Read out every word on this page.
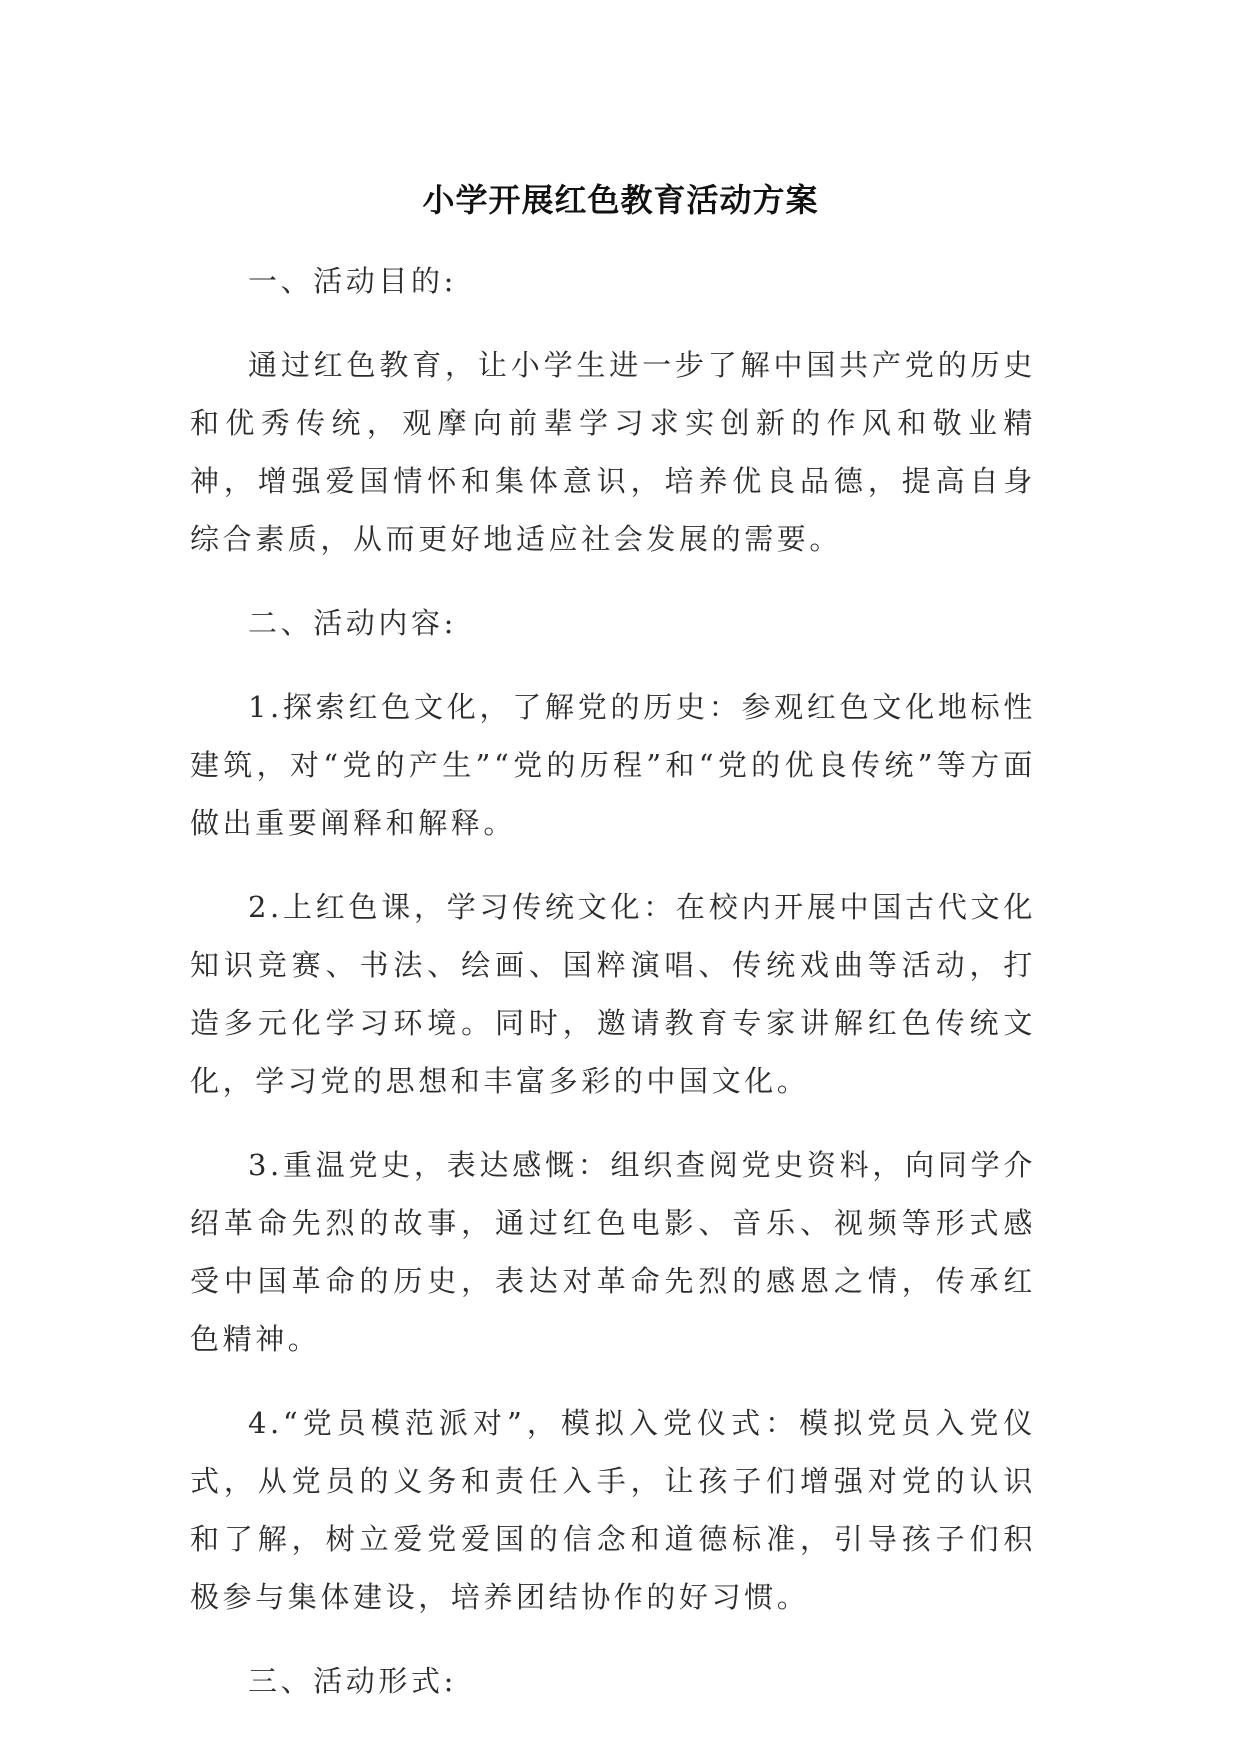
小学开展红色教育活动方案

一、活动目的:

通过红色教育，让小学生进一步了解中国共产党的历史和优秀传统，观摩向前辈学习求实创新的作风和敬业精神，增强爱国情怀和集体意识，培养优良品德，提高自身综合素质，从而更好地适应社会发展的需要。

二、活动内容:

1.探索红色文化，了解党的历史：参观红色文化地标性建筑，对“党的产生”“党的历程”和“党的优良传统”等方面做出重要阐释和解释。

2.上红色课，学习传统文化：在校内开展中国古代文化知识竞赛、书法、绘画、国粹演唱、传统戏曲等活动，打造多元化学习环境。同时，邀请教育专家讲解红色传统文化，学习党的思想和丰富多彩的中国文化。

3.重温党史，表达感慨：组织查阅党史资料，向同学介绍革命先烈的故事，通过红色电影、音乐、视频等形式感受中国革命的历史，表达对革命先烈的感恩之情，传承红色精神。

4.“党员模范派对”，模拟入党仪式：模拟党员入党仪式，从党员的义务和责任入手，让孩子们增强对党的认识和了解，树立爱党爱国的信念和道德标准，引导孩子们积极参与集体建设，培养团结协作的好习惯。

三、活动形式:
